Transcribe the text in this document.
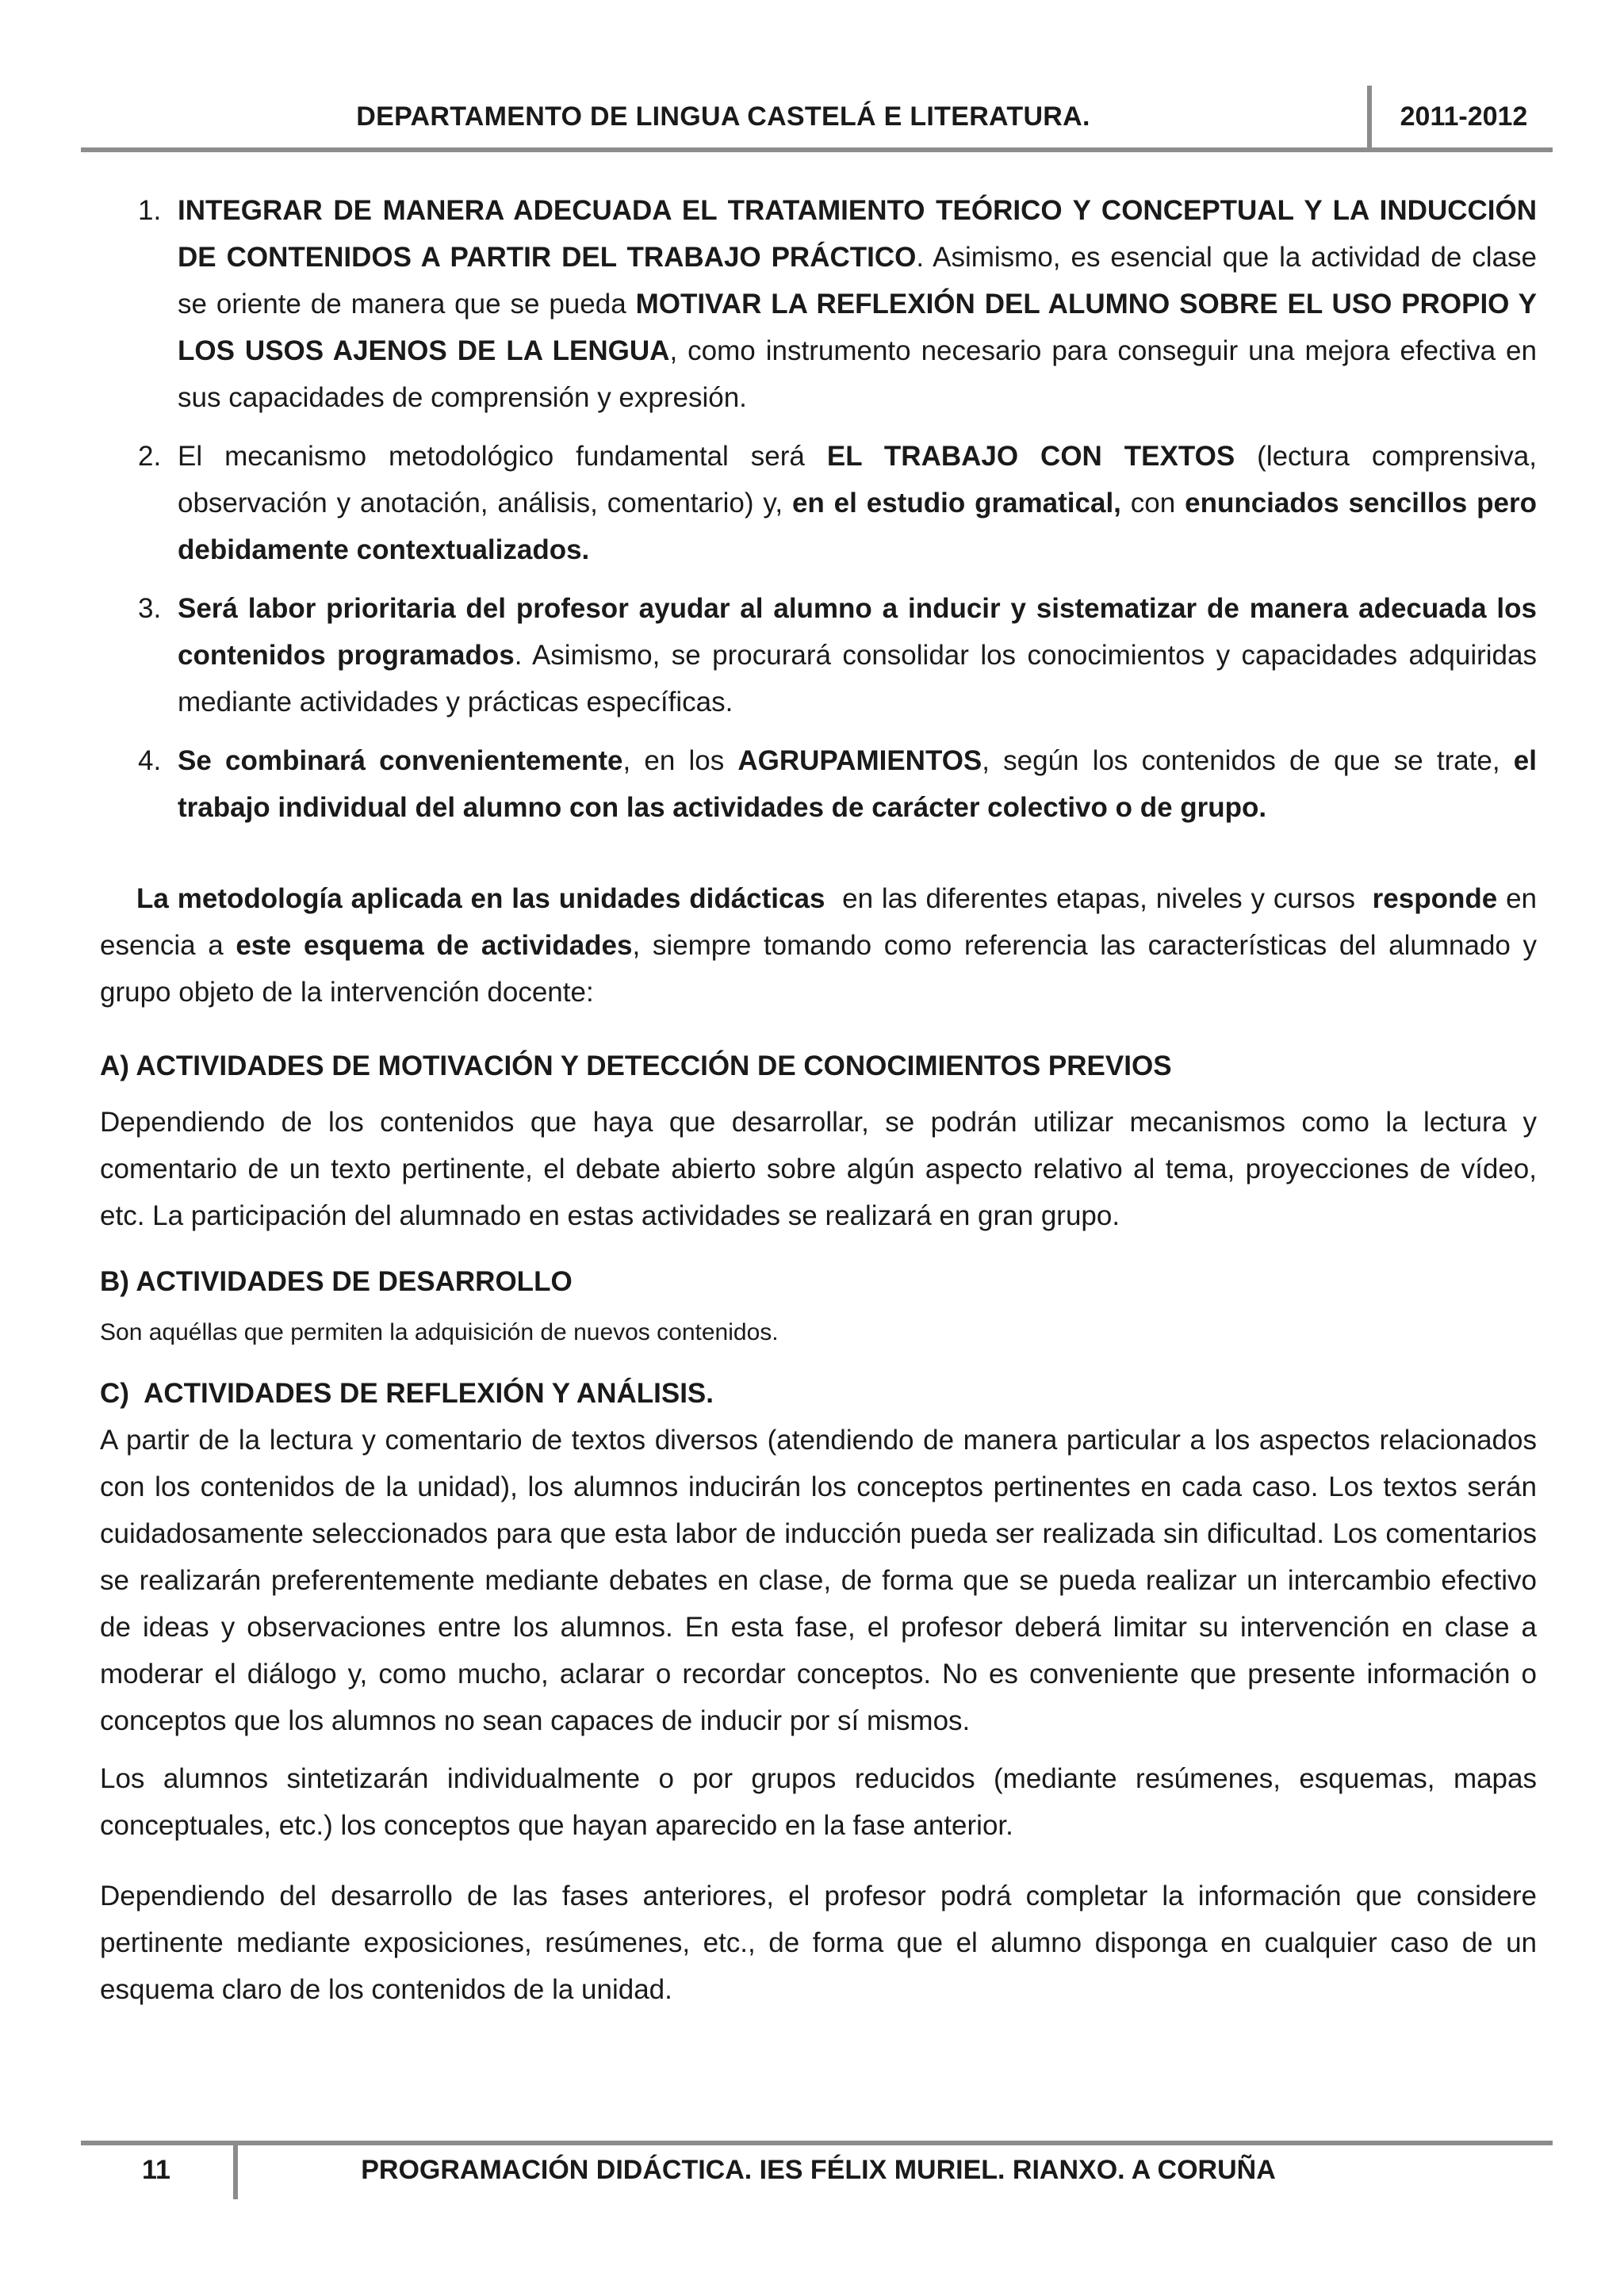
DEPARTAMENTO DE LINGUA CASTELÁ E LITERATURA.	2011-2012
1. INTEGRAR DE MANERA ADECUADA EL TRATAMIENTO TEÓRICO Y CONCEPTUAL Y LA INDUCCIÓN DE CONTENIDOS A PARTIR DEL TRABAJO PRÁCTICO. Asimismo, es esencial que la actividad de clase se oriente de manera que se pueda MOTIVAR LA REFLEXIÓN DEL ALUMNO SOBRE EL USO PROPIO Y LOS USOS AJENOS DE LA LENGUA, como instrumento necesario para conseguir una mejora efectiva en sus capacidades de comprensión y expresión.

2. El mecanismo metodológico fundamental será EL TRABAJO CON TEXTOS (lectura comprensiva, observación y anotación, análisis, comentario) y, en el estudio gramatical, con enunciados sencillos pero debidamente contextualizados.

3. Será labor prioritaria del profesor ayudar al alumno a inducir y sistematizar de manera adecuada los contenidos programados. Asimismo, se procurará consolidar los conocimientos y capacidades adquiridas mediante actividades y prácticas específicas.

4. Se combinará convenientemente, en los AGRUPAMIENTOS, según los contenidos de que se trate, el trabajo individual del alumno con las actividades de carácter colectivo o de grupo.

La metodología aplicada en las unidades didácticas  en las diferentes etapas, niveles y cursos  responde en esencia a este esquema de actividades, siempre tomando como referencia las características del alumnado y grupo objeto de la intervención docente:

A) ACTIVIDADES DE MOTIVACIÓN Y DETECCIÓN DE CONOCIMIENTOS PREVIOS

Dependiendo de los contenidos que haya que desarrollar, se podrán utilizar mecanismos como la lectura y comentario de un texto pertinente, el debate abierto sobre algún aspecto relativo al tema, proyecciones de vídeo, etc. La participación del alumnado en estas actividades se realizará en gran grupo.

B) ACTIVIDADES DE DESARROLLO

Son aquéllas que permiten la adquisición de nuevos contenidos.

C)  ACTIVIDADES DE REFLEXIÓN Y ANÁLISIS.

A partir de la lectura y comentario de textos diversos (atendiendo de manera particular a los aspectos relacionados con los contenidos de la unidad), los alumnos inducirán los conceptos pertinentes en cada caso. Los textos serán cuidadosamente seleccionados para que esta labor de inducción pueda ser realizada sin dificultad. Los comentarios se realizarán preferentemente mediante debates en clase, de forma que se pueda realizar un intercambio efectivo de ideas y observaciones entre los alumnos. En esta fase, el profesor deberá limitar su intervención en clase a moderar el diálogo y, como mucho, aclarar o recordar conceptos. No es conveniente que presente información o conceptos que los alumnos no sean capaces de inducir por sí mismos.

Los alumnos sintetizarán individualmente o por grupos reducidos (mediante resúmenes, esquemas, mapas conceptuales, etc.) los conceptos que hayan aparecido en la fase anterior.

Dependiendo del desarrollo de las fases anteriores, el profesor podrá completar la información que considere pertinente mediante exposiciones, resúmenes, etc., de forma que el alumno disponga en cualquier caso de un esquema claro de los contenidos de la unidad.

11	PROGRAMACIÓN DIDÁCTICA. IES FÉLIX MURIEL. RIANXO. A CORUÑA
